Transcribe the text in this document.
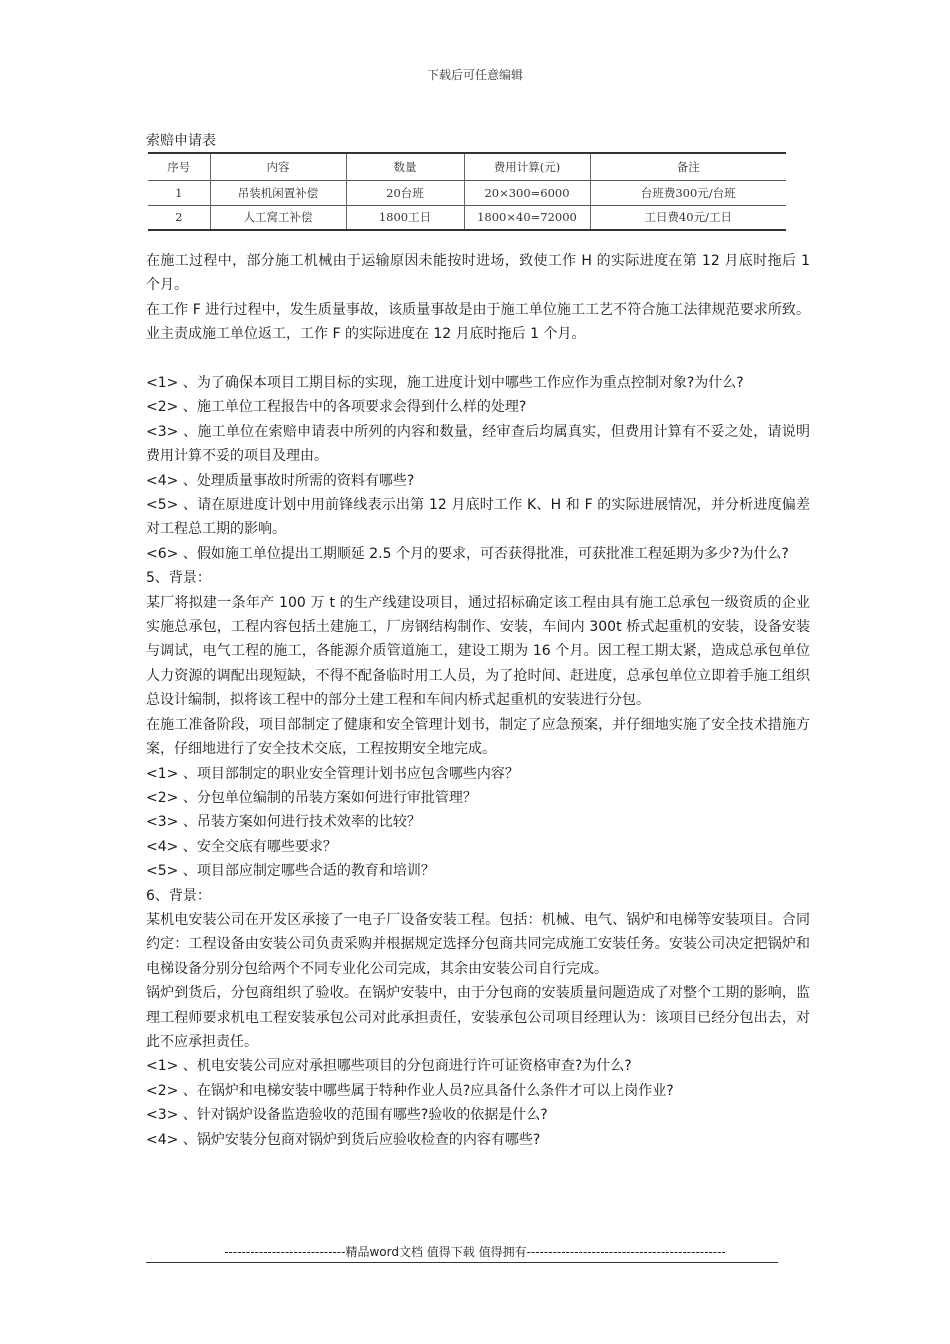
下载后可任意编辑
索赔申请表
序号	内容	数量	费用计算(元)	备注
1	吊装机闲置补偿	20台班	20×300=6000	台班费300元/台班
2	人工窝工补偿	1800工日	1800×40=72000	工日费40元/工日

在施工过程中，部分施工机械由于运输原因未能按时进场，致使工作 H 的实际进度在第 12 月底时拖后 1 个月。

在工作 F 进行过程中，发生质量事故，该质量事故是由于施工单位施工工艺不符合施工法律规范要求所致。业主责成施工单位返工，工作 F 的实际进度在 12 月底时拖后 1 个月。

<1> 、为了确保本项目工期目标的实现，施工进度计划中哪些工作应作为重点控制对象?为什么?

<2> 、施工单位工程报告中的各项要求会得到什么样的处理?

<3> 、施工单位在索赔申请表中所列的内容和数量，经审查后均属真实，但费用计算有不妥之处，请说明费用计算不妥的项目及理由。

<4> 、处理质量事故时所需的资料有哪些?

<5> 、请在原进度计划中用前锋线表示出第 12 月底时工作 K、H 和 F 的实际进展情况，并分析进度偏差对工程总工期的影响。

<6> 、假如施工单位提出工期顺延 2.5 个月的要求，可否获得批准，可获批准工程延期为多少?为什么?

5、背景：

某厂将拟建一条年产 100 万 t 的生产线建设项目，通过招标确定该工程由具有施工总承包一级资质的企业实施总承包，工程内容包括土建施工，厂房钢结构制作、安装，车间内 300t 桥式起重机的安装，设备安装与调试，电气工程的施工，各能源介质管道施工，建设工期为 16 个月。因工程工期太紧，造成总承包单位人力资源的调配出现短缺，不得不配备临时用工人员，为了抢时间、赶进度，总承包单位立即着手施工组织总设计编制，拟将该工程中的部分土建工程和车间内桥式起重机的安装进行分包。

在施工准备阶段，项目部制定了健康和安全管理计划书，制定了应急预案，并仔细地实施了安全技术措施方案，仔细地进行了安全技术交底，工程按期安全地完成。

<1> 、项目部制定的职业安全管理计划书应包含哪些内容？

<2> 、分包单位编制的吊装方案如何进行审批管理？

<3> 、吊装方案如何进行技术效率的比较？

<4> 、安全交底有哪些要求？

<5> 、项目部应制定哪些合适的教育和培训？

6、背景：

某机电安装公司在开发区承接了一电子厂设备安装工程。包括：机械、电气、锅炉和电梯等安装项目。合同约定：工程设备由安装公司负责采购并根据规定选择分包商共同完成施工安装任务。安装公司决定把锅炉和电梯设备分别分包给两个不同专业化公司完成，其余由安装公司自行完成。

锅炉到货后，分包商组织了验收。在锅炉安装中，由于分包商的安装质量问题造成了对整个工期的影响，监理工程师要求机电工程安装承包公司对此承担责任，安装承包公司项目经理认为：该项目已经分包出去，对此不应承担责任。

<1> 、机电安装公司应对承担哪些项目的分包商进行许可证资格审查?为什么?

<2> 、在锅炉和电梯安装中哪些属于特种作业人员?应具备什么条件才可以上岗作业?

<3> 、针对锅炉设备监造验收的范围有哪些?验收的依据是什么?

<4> 、锅炉安装分包商对锅炉到货后应验收检查的内容有哪些?

----------------------------精品word文档 值得下载 值得拥有----------------------------------------------
